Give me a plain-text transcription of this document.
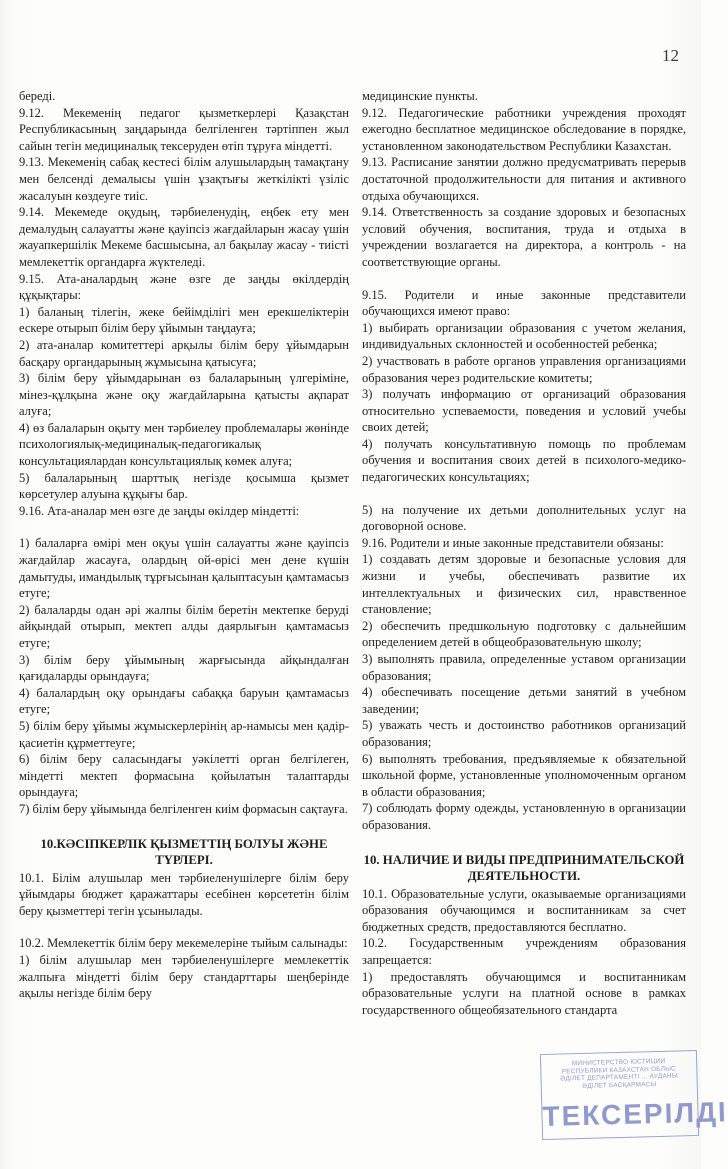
12

береді.

9.12. Мекеменің педагог қызметкерлері Қазақстан Республикасының заңдарында белгіленген тәртіппен жыл сайын тегін медициналық тексеруден өтіп тұруға міндетті.

9.13. Мекеменің сабақ кестесі білім алушылардың тамақтану мен белсенді демалысы үшін ұзақтығы жеткілікті үзіліс жасалуын көздеуге тиіс.

9.14. Мекемеде оқудың, тәрбиеленудің, еңбек ету мен демалудың салауатты және қауіпсіз жағдайларын жасау үшін жауапкершілік Мекеме басшысына, ал бақылау жасау - тиісті мемлекеттік органдарға жүктеледі.

9.15. Ата-аналардың және өзге де заңды өкілдердің құқықтары:

1) баланың тілегін, жеке бейімділігі мен ерекшеліктерін ескере отырып білім беру ұйымын таңдауға;

2) ата-аналар комитеттері арқылы білім беру ұйымдарын басқару органдарының жұмысына қатысуға;

3) білім беру ұйымдарынан өз балаларының үлгеріміне, мінез-құлқына және оқу жағдайларына қатысты ақпарат алуға;

4) өз балаларын оқыту мен тәрбиелеу проблемалары жөнінде психологиялық-медициналық-педагогикалық консультациялардан консультациялық көмек алуға;

5) балаларының шарттық негізде қосымша қызмет көрсетулер алуына құқығы бар.

9.16. Ата-аналар мен өзге де заңды өкілдер міндетті:

1) балаларға өмірі мен оқуы үшін салауатты және қауіпсіз жағдайлар жасауға, олардың ой-өрісі мен дене күшін дамытуды, имандылық тұрғысынан қалыптасуын қамтамасыз етуге;

2) балаларды одан әрі жалпы білім беретін мектепке беруді айқындай отырып, мектеп алды даярлығын қамтамасыз етуге;

3) білім беру ұйымының жарғысында айқындалған қағидаларды орындауға;

4) балалардың оқу орындағы сабаққа баруын қамтамасыз етуге;

5) білім беру ұйымы жұмыскерлерінің ар-намысы мен қадір-қасиетін құрметтеуге;

6) білім беру саласындағы уәкілетті орган белгілеген, міндетті мектеп формасына қойылатын талаптарды орындауға;

7) білім беру ұйымында белгіленген киім формасын сақтауға.

10.КӘСІПКЕРЛІК ҚЫЗМЕТТІҢ БОЛУЫ ЖӘНЕ ТҮРЛЕРІ.

10.1. Білім алушылар мен тәрбиеленушілерге білім беру ұйымдары бюджет қаражаттары есебінен көрсететін білім беру қызметтері тегін ұсынылады.

10.2. Мемлекеттік білім беру мекемелеріне тыйым салынады:

1) білім алушылар мен тәрбиеленушілерге мемлекеттік жалпыға міндетті білім беру стандарттары шеңберінде ақылы негізде білім беру

медицинские пункты.

9.12. Педагогические работники учреждения проходят ежегодно бесплатное медицинское обследование в порядке, установленном законодательством Республики Казахстан.

9.13. Расписание занятии должно предусматривать перерыв достаточной продолжительности для питания и активного отдыха обучающихся.

9.14. Ответственность за создание здоровых и безопасных условий обучения, воспитания, труда и отдыха в учреждении возлагается на директора, а контроль - на соответствующие органы.

9.15. Родители и иные законные представители обучающихся имеют право:

1) выбирать организации образования с учетом желания, индивидуальных склонностей и особенностей ребенка;

2) участвовать в работе органов управления организациями образования через родительские комитеты;

3) получать информацию от организаций образования относительно успеваемости, поведения и условий учебы своих детей;

4) получать консультативную помощь по проблемам обучения и воспитания своих детей в психолого-медико-педагогических консультациях;

5) на получение их детьми дополнительных услуг на договорной основе.

9.16. Родители и иные законные представители обязаны:

1) создавать детям здоровые и безопасные условия для жизни и учебы, обеспечивать развитие их интеллектуальных и физических сил, нравственное становление;

2) обеспечить предшкольную подготовку с дальнейшим определением детей в общеобразовательную школу;

3) выполнять правила, определенные уставом организации образования;

4) обеспечивать посещение детьми занятий в учебном заведении;

5) уважать честь и достоинство работников организаций образования;

6) выполнять требования, предъявляемые к обязательной школьной форме, установленные уполномоченным органом в области образования;

7) соблюдать форму одежды, установленную в организации образования.

10. НАЛИЧИЕ И ВИДЫ ПРЕДПРИНИМАТЕЛЬСКОЙ ДЕЯТЕЛЬНОСТИ.

10.1. Образовательные услуги, оказываемые организациями образования обучающимся и воспитанникам за счет бюджетных средств, предоставляются бесплатно.

10.2. Государственным учреждениям образования запрещается:

1) предоставлять обучающимся и воспитанникам образовательные услуги на платной основе в рамках государственного общеобязательного стандарта

МИНИСТЕРСТВО ЮСТИЦИИ РЕСПУБЛИКИ КАЗАХСТАН ОБЛЫС ӘДІЛЕТ ДЕПАРТАМЕНТІ ... АУДАНЫ ӘДІЛЕТ БАСҚАРМАСЫ
ТЕКСЕРІЛДІ
